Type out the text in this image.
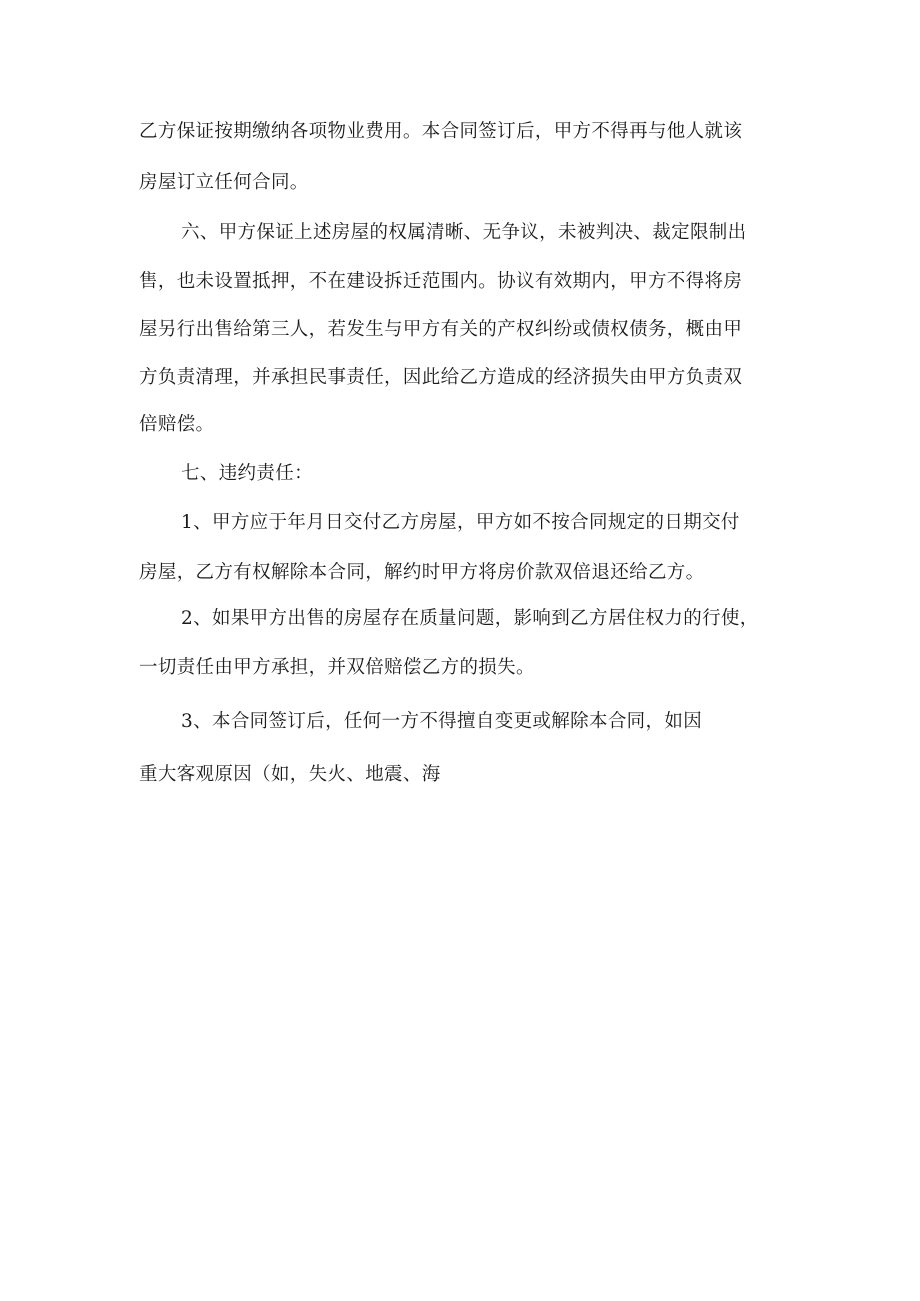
乙方保证按期缴纳各项物业费用。本合同签订后，甲方不得再与他人就该
房屋订立任何合同。
六、甲方保证上述房屋的权属清晰、无争议，未被判决、裁定限制出
售，也未设置抵押，不在建设拆迁范围内。协议有效期内，甲方不得将房
屋另行出售给第三人，若发生与甲方有关的产权纠纷或债权债务，概由甲
方负责清理，并承担民事责任，因此给乙方造成的经济损失由甲方负责双
倍赔偿。
七、违约责任：
1、甲方应于年月日交付乙方房屋，甲方如不按合同规定的日期交付
房屋，乙方有权解除本合同，解约时甲方将房价款双倍退还给乙方。
2、如果甲方出售的房屋存在质量问题，影响到乙方居住权力的行使，
一切责任由甲方承担，并双倍赔偿乙方的损失。
3、本合同签订后，任何一方不得擅自变更或解除本合同，如因
重大客观原因（如，失火、地震、海
